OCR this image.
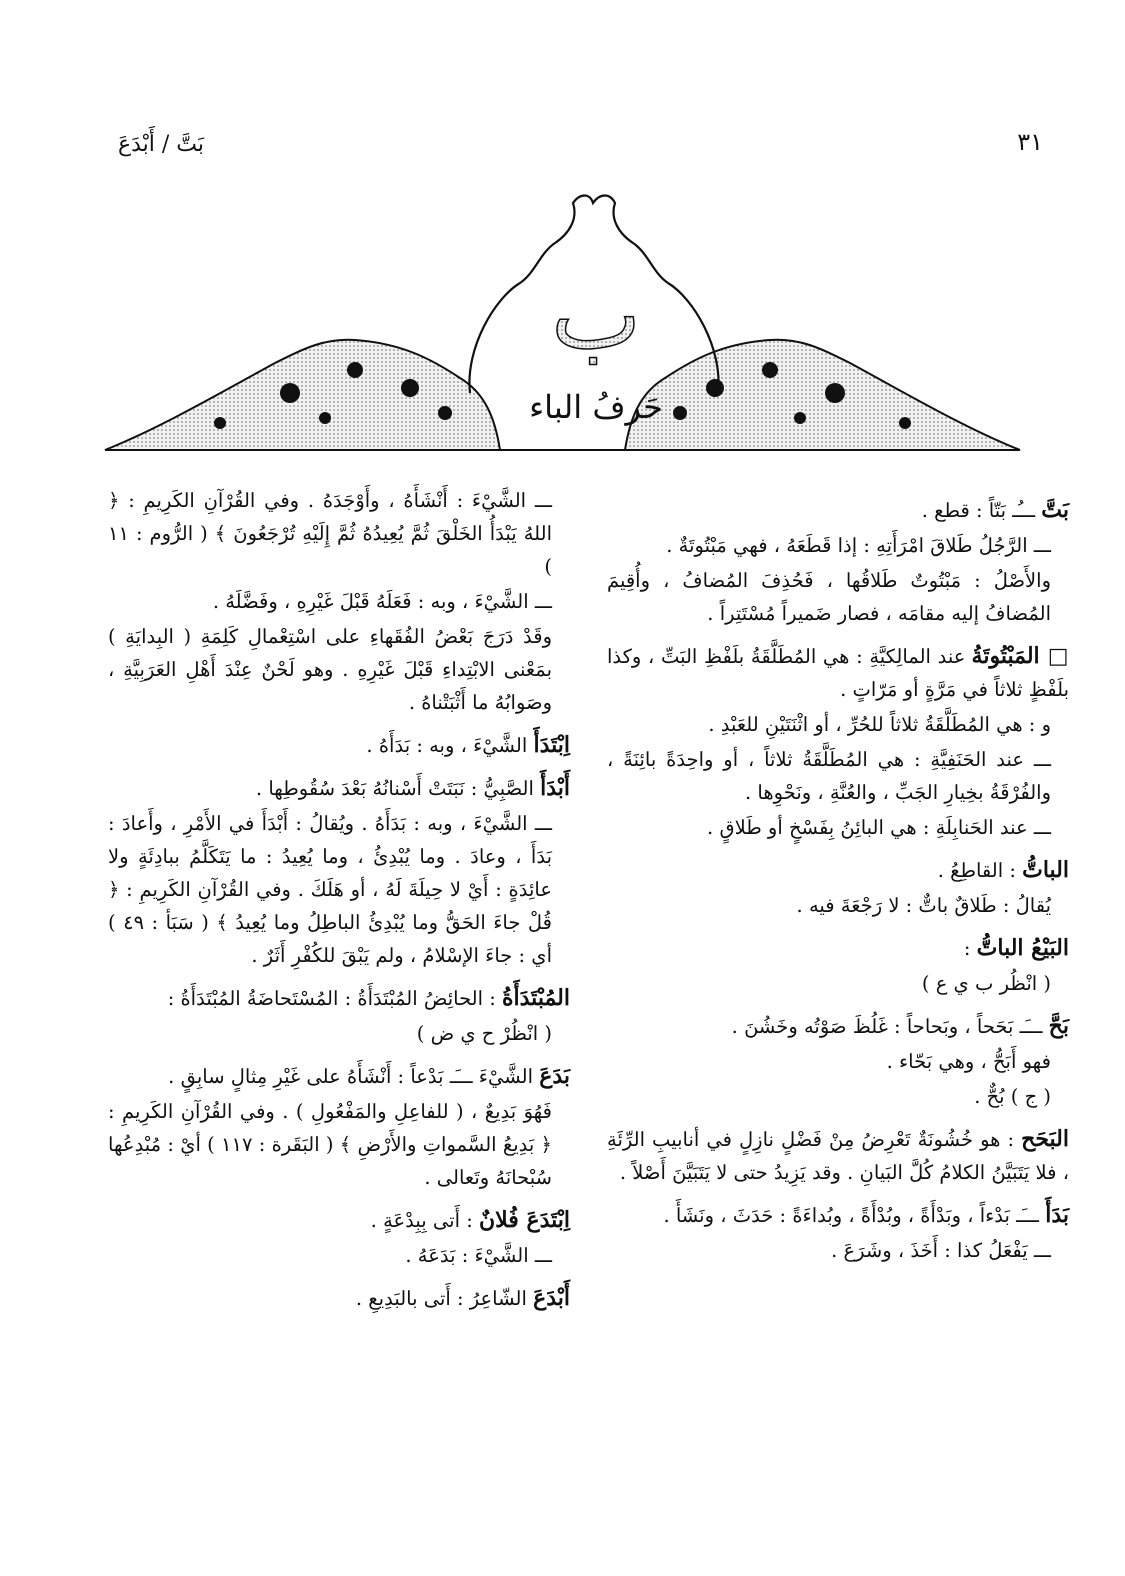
بَتَّ / أَبْدَعَ	٣١
ب
حَرفُ الباء

بَتَّ ـــُـ بَتّاً : قطع .

ـــ الرَّجُلُ طَلاقَ امْرَأَتِهِ : إذا قَطَعَهُ ، فهي مَبْتُوتَةٌ .

والأَصْلُ : مَبْتُوتٌ طَلاقُها ، فَحُذِفَ المُضافُ ، وأُقِيمَ المُضافُ إليه مقامَه ، فصار ضَميراً مُسْتَتِراً .

□ المَبْتُوتَةُ عند المالِكيَّةِ : هي المُطَلَّقَةُ بلَفْظِ البَتِّ ، وكذا بلَفْظٍ ثلاثاً في مَرَّةٍ أو مَرّاتٍ .

و : هي المُطَلَّقَةُ ثلاثاً للحُرِّ ، أو اثْنَتَيْنِ للعَبْدِ .

ـــ عند الحَنَفِيَّةِ : هي المُطَلَّقَةُ ثلاثاً ، أو واحِدَةً بائِنَةً ، والفُرْقَةُ بخِيارِ الجَبِّ ، والعُنَّةِ ، ونَحْوِها .

ـــ عند الحَنابِلَةِ : هي البائِنُ بِفَسْخٍ أو طَلاقٍ .

الباتُّ : القاطِعُ .

يُقالُ : طَلاقٌ باتٌّ : لا رَجْعَةَ فيه .

البَيْعُ الباتُّ :

( انْظُر ب ي ع )

بَحَّ ـــَـ بَحَحاً ، وبَحاحاً : غَلُظَ صَوْتُه وخَشُنَ .

فهو أَبَحُّ ، وهي بَحّاء .

( ج ) بُحٌّ .

البَحَح : هو خُشُونَةٌ تَعْرِضُ مِنْ فَضْلٍ نازِلٍ في أنابيبِ الرِّئَةِ ، فلا يَتَبَيَّنُ الكلامُ كُلَّ البَيانِ . وقد يَزِيدُ حتى لا يَتَبَيَّنَ أَصْلاً .

بَدَأَ ـــَـ بَدْءاً ، وبَدْأَةً ، وبُدْأَةً ، وبُداءَةً : حَدَثَ ، ونَشَأَ .

ـــ يَفْعَلُ كذا : أَخَذَ ، وشَرَعَ .

ـــ الشَّيْءَ : أَنْشَأَهُ ، وأَوْجَدَهُ . وفي القُرْآنِ الكَرِيمِ : ﴿ اللهُ يَبْدَأُ الخَلْقَ ثُمَّ يُعِيدُهُ ثُمَّ إِلَيْهِ تُرْجَعُونَ ﴾ ( الرُّوم : ١١ )

ـــ الشَّيْءَ ، وبه : فَعَلَهُ قَبْلَ غَيْرِهِ ، وفَضَّلَهُ .

وقَدْ دَرَجَ بَعْضُ الفُقَهاءِ على اسْتِعْمالِ كَلِمَةِ ( البِدايَةِ ) بمَعْنى الابْتِداءِ قَبْلَ غَيْرِهِ . وهو لَحْنٌ عِنْدَ أَهْلِ العَرَبِيَّةِ ، وصَوابُهُ ما أَثْبَتْناهُ .

اِبْتَدَأَ الشَّيْءَ ، وبه : بَدَأَهُ .

أَبْدَأَ الصَّبِيُّ : نَبَتَتْ أَسْنانُهُ بَعْدَ سُقُوطِها .

ـــ الشَّيْءَ ، وبه : بَدَأَهُ . ويُقالُ : أَبْدَأَ في الأَمْرِ ، وأَعادَ : بَدَأَ ، وعادَ . وما يُبْدِئُ ، وما يُعِيدُ : ما يَتَكَلَّمُ ببادِئَةٍ ولا عائِدَةٍ : أَيْ لا حِيلَةَ لَهُ ، أو هَلَكَ . وفي القُرْآنِ الكَرِيمِ : ﴿ قُلْ جاءَ الحَقُّ وما يُبْدِئُ الباطِلُ وما يُعِيدُ ﴾ ( سَبَأ : ٤٩ ) أي : جاءَ الإسْلامُ ، ولم يَبْقَ للكُفْرِ أَثَرٌ .

المُبْتَدَأَةُ : الحائِضُ المُبْتَدَأَةُ : المُسْتَحاضَةُ المُبْتَدَأَةُ :

( انْظُرْ ح ي ض )

بَدَعَ الشَّيْءَ ـــَـ بَدْعاً : أَنْشَأَهُ على غَيْرِ مِثالٍ سابِقٍ .

فَهُوَ بَدِيعٌ ، ( للفاعِلِ والمَفْعُولِ ) . وفي القُرْآنِ الكَرِيمِ : ﴿ بَدِيعُ السَّمواتِ والأَرْضِ ﴾ ( البَقَرة : ١١٧ ) أيْ : مُبْدِعُها سُبْحانَهُ وتَعالى .

اِبْتَدَعَ فُلانٌ : أَتى بِبِدْعَةٍ .

ـــ الشَّيْءَ : بَدَعَهُ .

أَبْدَعَ الشّاعِرُ : أَتى بالبَدِيعِ .
